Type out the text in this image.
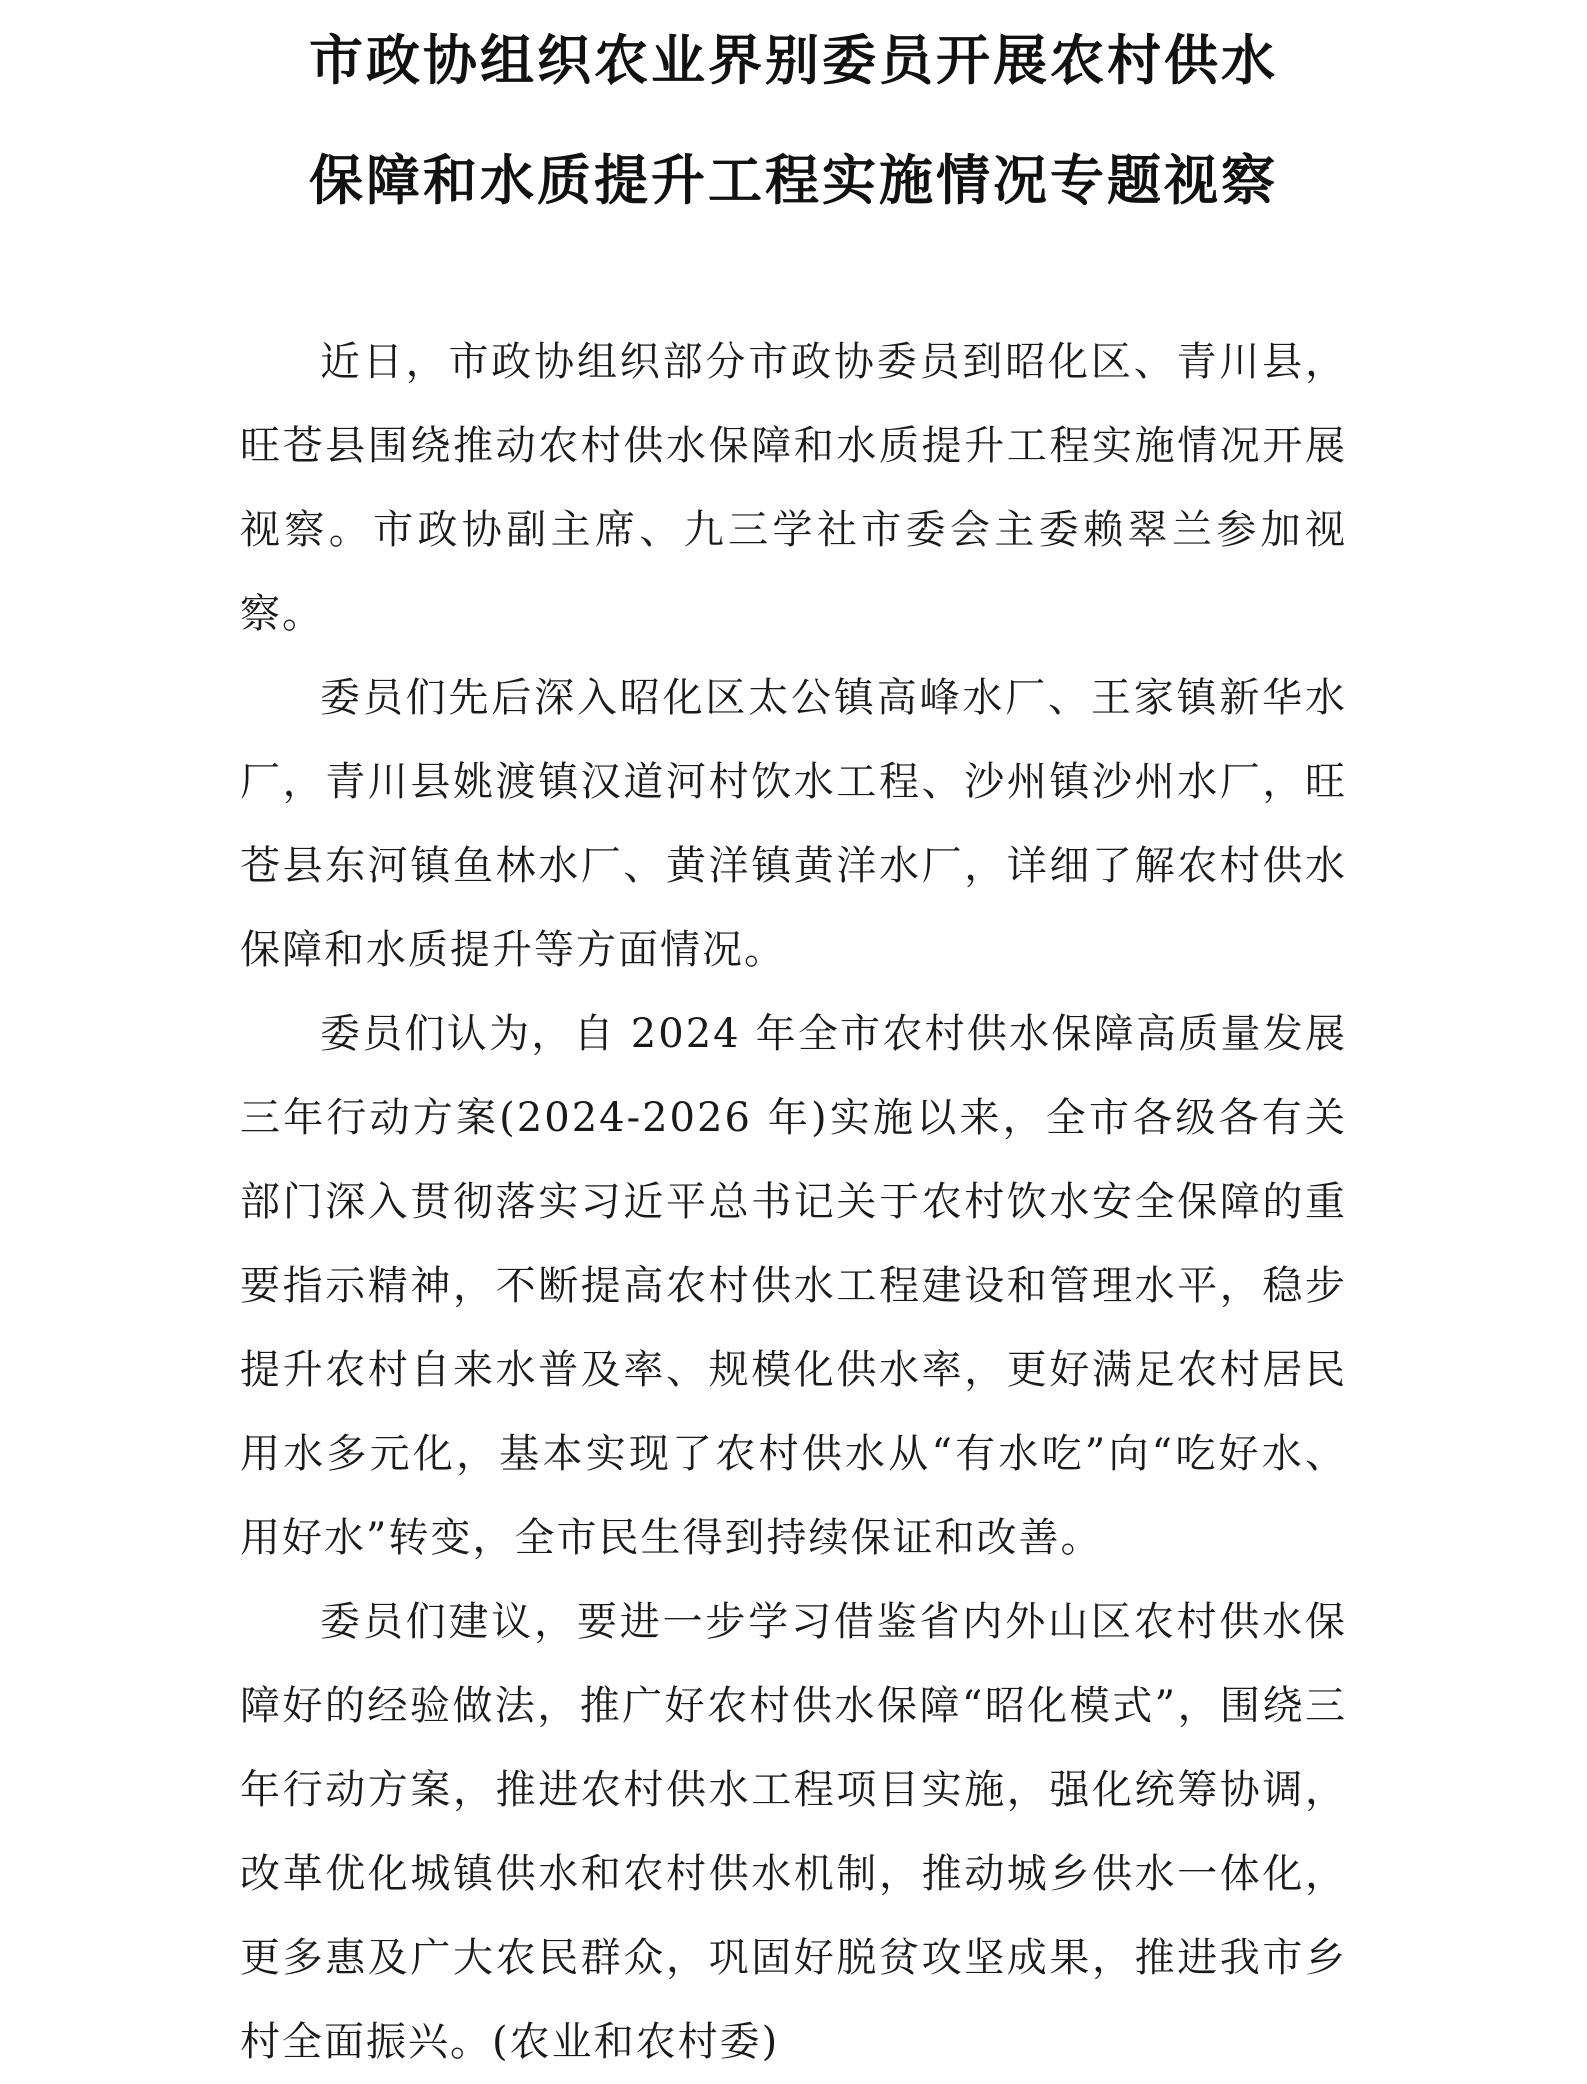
市政协组织农业界别委员开展农村供水
保障和水质提升工程实施情况专题视察

近日，市政协组织部分市政协委员到昭化区、青川县，旺苍县围绕推动农村供水保障和水质提升工程实施情况开展视察。市政协副主席、九三学社市委会主委赖翠兰参加视察。

委员们先后深入昭化区太公镇高峰水厂、王家镇新华水厂，青川县姚渡镇汉道河村饮水工程、沙州镇沙州水厂，旺苍县东河镇鱼林水厂、黄洋镇黄洋水厂，详细了解农村供水保障和水质提升等方面情况。

委员们认为，自 2024 年全市农村供水保障高质量发展三年行动方案(2024-2026 年)实施以来，全市各级各有关部门深入贯彻落实习近平总书记关于农村饮水安全保障的重要指示精神，不断提高农村供水工程建设和管理水平，稳步提升农村自来水普及率、规模化供水率，更好满足农村居民用水多元化，基本实现了农村供水从“有水吃”向“吃好水、用好水”转变，全市民生得到持续保证和改善。

委员们建议，要进一步学习借鉴省内外山区农村供水保障好的经验做法，推广好农村供水保障“昭化模式”，围绕三年行动方案，推进农村供水工程项目实施，强化统筹协调，改革优化城镇供水和农村供水机制，推动城乡供水一体化，更多惠及广大农民群众，巩固好脱贫攻坚成果，推进我市乡村全面振兴。(农业和农村委)
